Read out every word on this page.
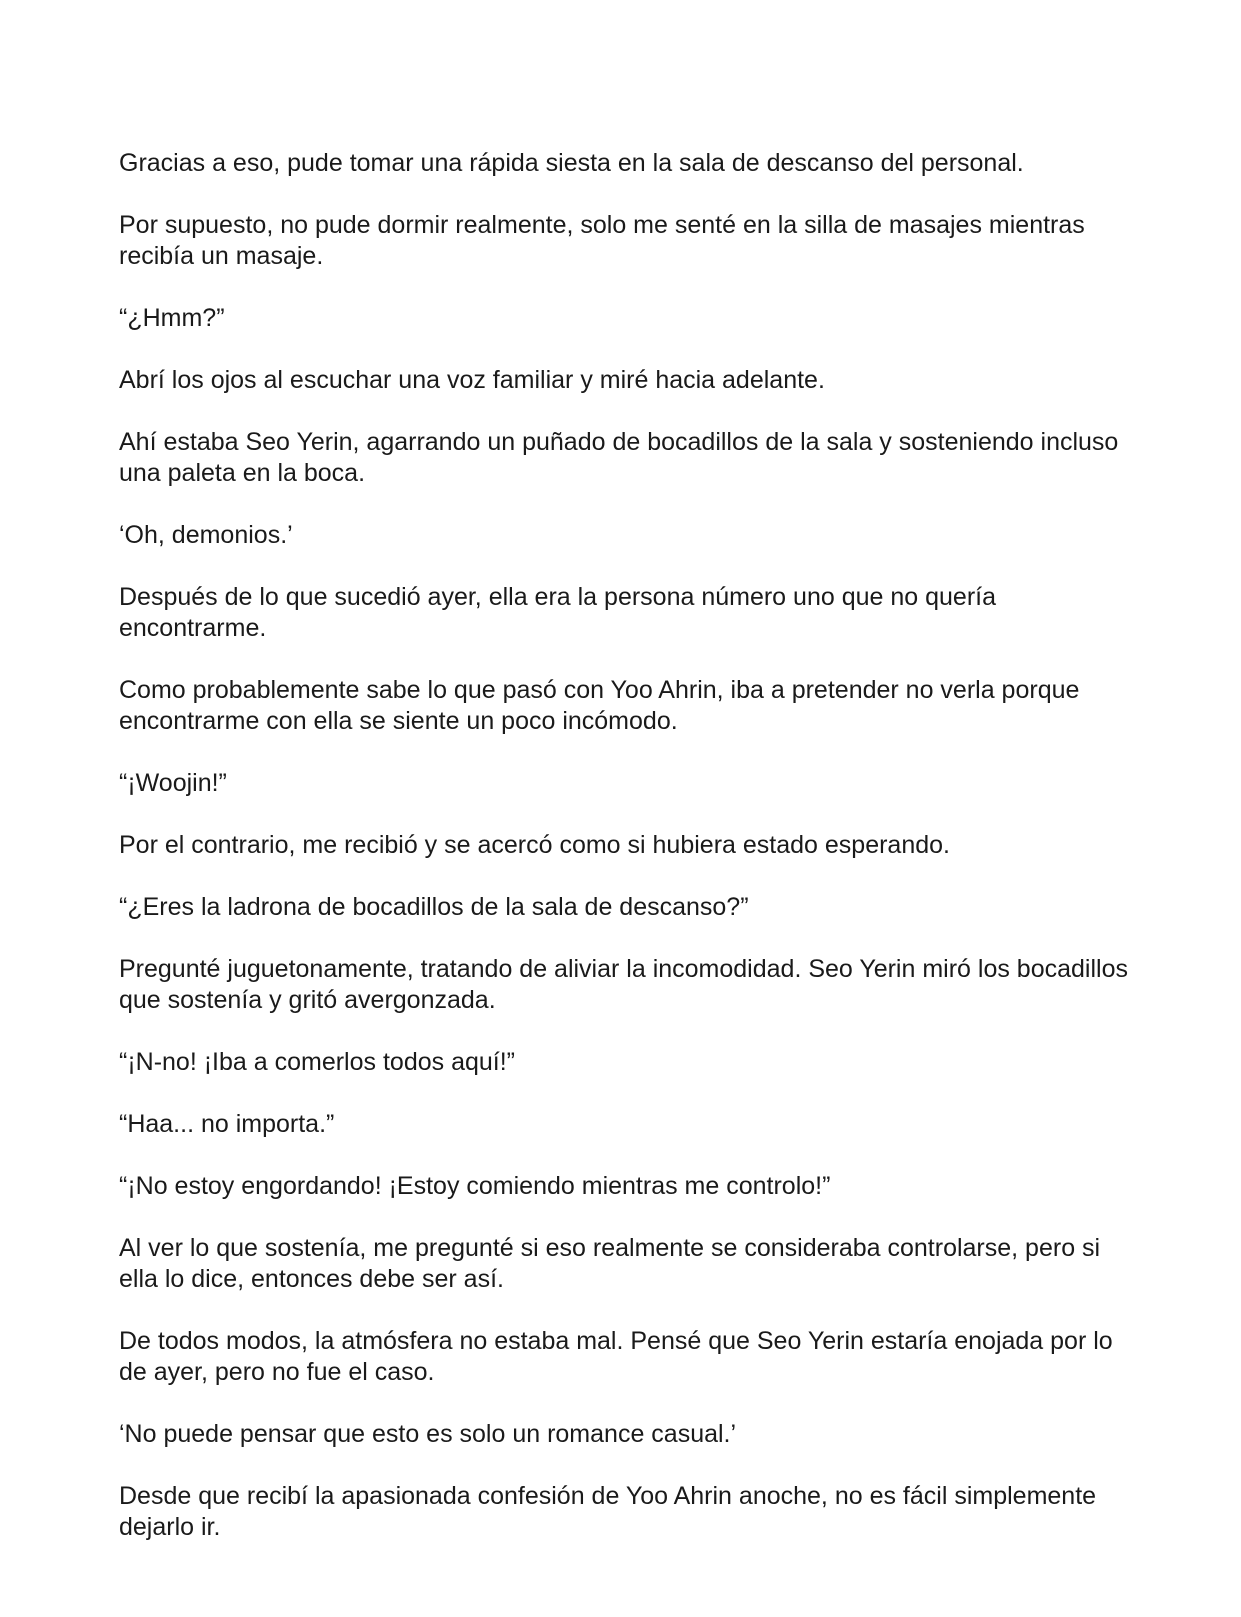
Gracias a eso, pude tomar una rápida siesta en la sala de descanso del personal.

Por supuesto, no pude dormir realmente, solo me senté en la silla de masajes mientras recibía un masaje.

“¿Hmm?”

Abrí los ojos al escuchar una voz familiar y miré hacia adelante.

Ahí estaba Seo Yerin, agarrando un puñado de bocadillos de la sala y sosteniendo incluso una paleta en la boca.

‘Oh, demonios.’

Después de lo que sucedió ayer, ella era la persona número uno que no quería encontrarme.

Como probablemente sabe lo que pasó con Yoo Ahrin, iba a pretender no verla porque encontrarme con ella se siente un poco incómodo.

“¡Woojin!”

Por el contrario, me recibió y se acercó como si hubiera estado esperando.

“¿Eres la ladrona de bocadillos de la sala de descanso?”

Pregunté juguetonamente, tratando de aliviar la incomodidad. Seo Yerin miró los bocadillos que sostenía y gritó avergonzada.

“¡N-no! ¡Iba a comerlos todos aquí!”

“Haa... no importa.”

“¡No estoy engordando! ¡Estoy comiendo mientras me controlo!”

Al ver lo que sostenía, me pregunté si eso realmente se consideraba controlarse, pero si ella lo dice, entonces debe ser así.

De todos modos, la atmósfera no estaba mal. Pensé que Seo Yerin estaría enojada por lo de ayer, pero no fue el caso.

‘No puede pensar que esto es solo un romance casual.’

Desde que recibí la apasionada confesión de Yoo Ahrin anoche, no es fácil simplemente dejarlo ir.
